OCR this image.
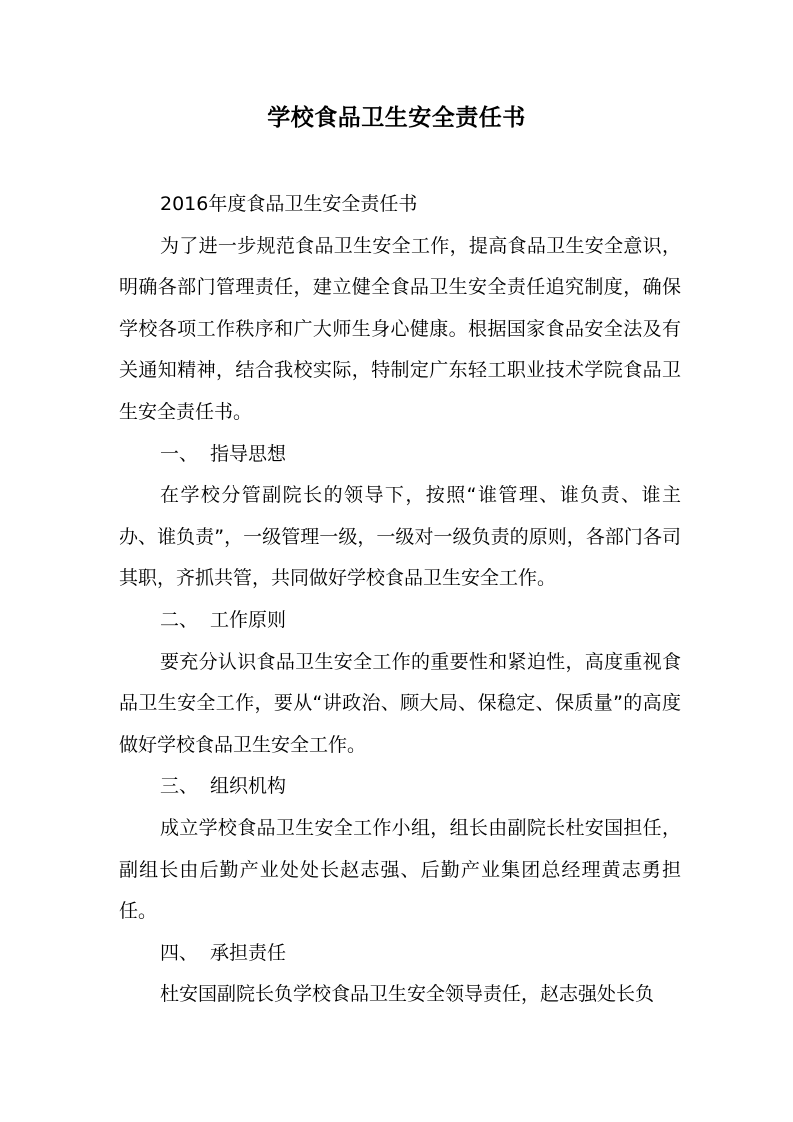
学校食品卫生安全责任书

2016年度食品卫生安全责任书

为了进一步规范食品卫生安全工作，提高食品卫生安全意识，明确各部门管理责任，建立健全食品卫生安全责任追究制度，确保学校各项工作秩序和广大师生身心健康。根据国家食品安全法及有关通知精神，结合我校实际，特制定广东轻工职业技术学院食品卫生安全责任书。

一、 指导思想

在学校分管副院长的领导下，按照“谁管理、谁负责、谁主办、谁负责”，一级管理一级，一级对一级负责的原则，各部门各司其职，齐抓共管，共同做好学校食品卫生安全工作。

二、 工作原则

要充分认识食品卫生安全工作的重要性和紧迫性，高度重视食品卫生安全工作，要从“讲政治、顾大局、保稳定、保质量”的高度做好学校食品卫生安全工作。

三、 组织机构

成立学校食品卫生安全工作小组，组长由副院长杜安国担任，副组长由后勤产业处处长赵志强、后勤产业集团总经理黄志勇担任。

四、 承担责任

杜安国副院长负学校食品卫生安全领导责任，赵志强处长负
